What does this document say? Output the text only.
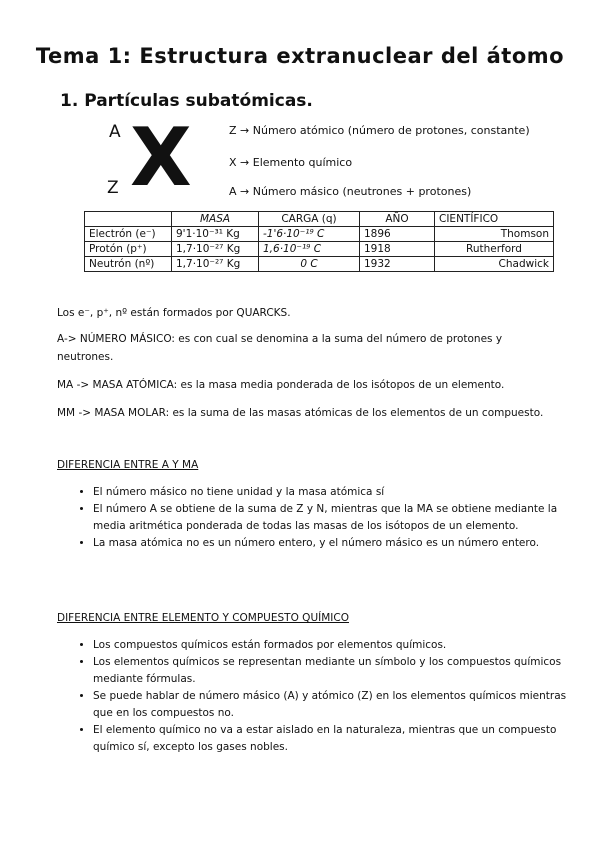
Tema 1: Estructura extranuclear del átomo
1. Partículas subatómicas.
A X
Z
Z → Número atómico (número de protones, constante)
X → Elemento químico
A → Número másico (neutrones + protones)
	MASA	CARGA (q)	AÑO	CIENTÍFICO
Electrón (e⁻)	9'1·10⁻³¹ Kg	-1'6·10⁻¹⁹ C	1896	Thomson
Protón (p⁺)	1,7·10⁻²⁷ Kg	1,6·10⁻¹⁹ C	1918	Rutherford
Neutrón (nº)	1,7·10⁻²⁷ Kg	0 C	1932	Chadwick
Los e⁻, p⁺, nº están formados por QUARCKS.
A-> NÚMERO MÁSICO: es con cual se denomina a la suma del número de protones y neutrones.
MA -> MASA ATÓMICA: es la masa media ponderada de los isótopos de un elemento.
MM -> MASA MOLAR: es la suma de las masas atómicas de los elementos de un compuesto.
DIFERENCIA ENTRE A Y MA
• El número másico no tiene unidad y la masa atómica sí
• El número A se obtiene de la suma de Z y N, mientras que la MA se obtiene mediante la media aritmética ponderada de todas las masas de los isótopos de un elemento.
• La masa atómica no es un número entero, y el número másico es un número entero.
DIFERENCIA ENTRE ELEMENTO Y COMPUESTO QUÍMICO
• Los compuestos químicos están formados por elementos químicos.
• Los elementos químicos se representan mediante un símbolo y los compuestos químicos mediante fórmulas.
• Se puede hablar de número másico (A) y atómico (Z) en los elementos químicos mientras que en los compuestos no.
• El elemento químico no va a estar aislado en la naturaleza, mientras que un compuesto químico sí, excepto los gases nobles.
